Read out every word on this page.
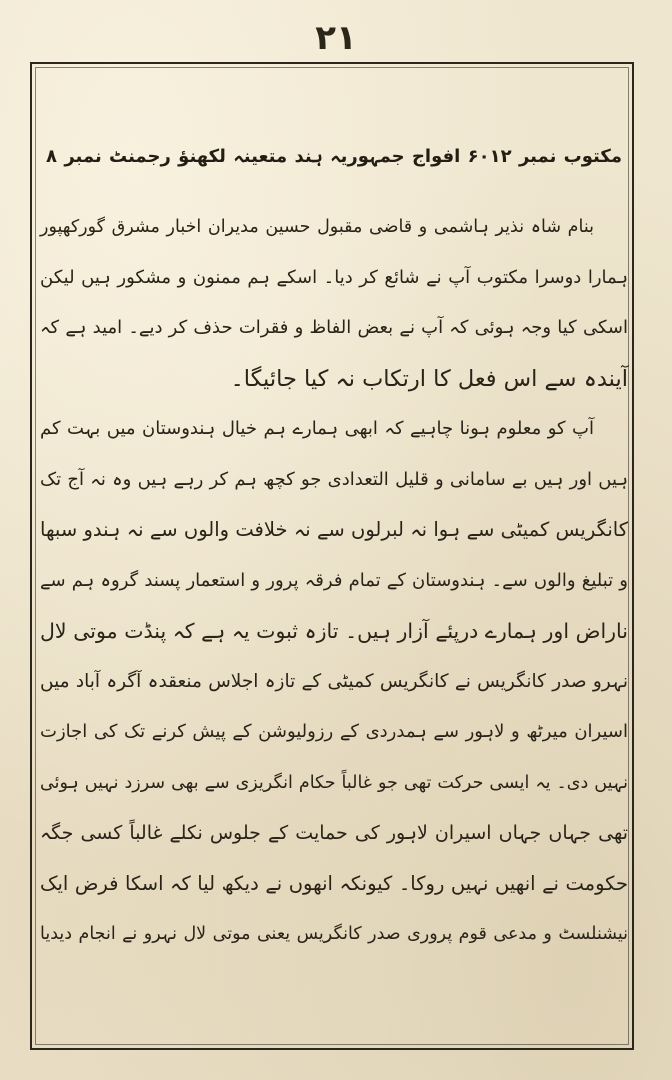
۲۱
مکتوب نمبر ۶۰۱۲ افواج جمہوریہ ہند متعینہ لکھنؤ رجمنٹ نمبر ۸
بنام شاہ نذیر ہاشمی و قاضی مقبول حسین مدیران اخبار مشرق گورکھپور
ہمارا دوسرا مکتوب آپ نے شائع کر دیا۔ اسکے ہم ممنون و مشکور ہیں لیکن
اسکی کیا وجہ ہوئی کہ آپ نے بعض الفاظ و فقرات حذف کر دیے۔ امید ہے کہ
آیندہ سے اس فعل کا ارتکاب نہ کیا جائیگا۔
آپ کو معلوم ہونا چاہیے کہ ابھی ہمارے ہم خیال ہندوستان میں بہت کم
ہیں اور ہیں بے سامانی و قلیل التعدادی جو کچھ ہم کر رہے ہیں وہ نہ آج تک
کانگریس کمیٹی سے ہوا نہ لبرلوں سے نہ خلافت والوں سے نہ ہندو سبھا
و تبلیغ والوں سے۔ ہندوستان کے تمام فرقہ پرور و استعمار پسند گروہ ہم سے
ناراض اور ہمارے درپئے آزار ہیں۔ تازہ ثبوت یہ ہے کہ پنڈت موتی لال
نہرو صدر کانگریس نے کانگریس کمیٹی کے تازہ اجلاس منعقدہ آگرہ آباد میں
اسیران میرٹھ و لاہور سے ہمدردی کے رزولیوشن کے پیش کرنے تک کی اجازت
نہیں دی۔ یہ ایسی حرکت تھی جو غالباً حکام انگریزی سے بھی سرزد نہیں ہوئی
تھی جہاں جہاں اسیران لاہور کی حمایت کے جلوس نکلے غالباً کسی جگہ
حکومت نے انھیں نہیں روکا۔ کیونکہ انھوں نے دیکھ لیا کہ اسکا فرض ایک
نیشنلسٹ و مدعی قوم پروری صدر کانگریس یعنی موتی لال نہرو نے انجام دیدیا
